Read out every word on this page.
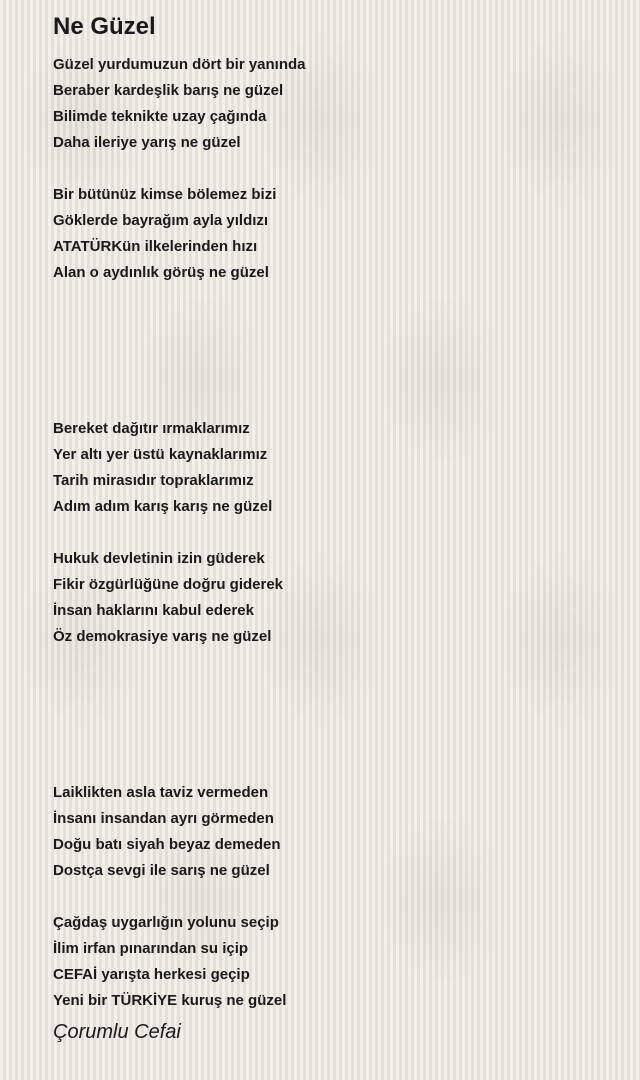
Ne Güzel
Güzel yurdumuzun dört bir yanında
Beraber kardeşlik barış ne güzel
Bilimde teknikte uzay çağında
Daha ileriye yarış ne güzel
Bir bütünüz kimse bölemez bizi
Göklerde bayrağım ayla yıldızı
ATATÜRKün ilkelerinden hızı
Alan o aydınlık görüş ne güzel
Bereket dağıtır ırmaklarımız
Yer altı yer üstü kaynaklarımız
Tarih mirasıdır topraklarımız
Adım adım karış karış ne güzel
Hukuk devletinin izin güderek
Fikir özgürlüğüne doğru giderek
İnsan haklarını kabul ederek
Öz demokrasiye varış ne güzel
Laiklikten asla taviz vermeden
İnsanı insandan ayrı görmeden
Doğu batı siyah beyaz demeden
Dostça sevgi ile sarış ne güzel
Çağdaş uygarlığın yolunu seçip
İlim irfan pınarından su içip
CEFAİ yarışta herkesi geçip
Yeni bir TÜRKİYE kuruş ne güzel
Çorumlu Cefai
